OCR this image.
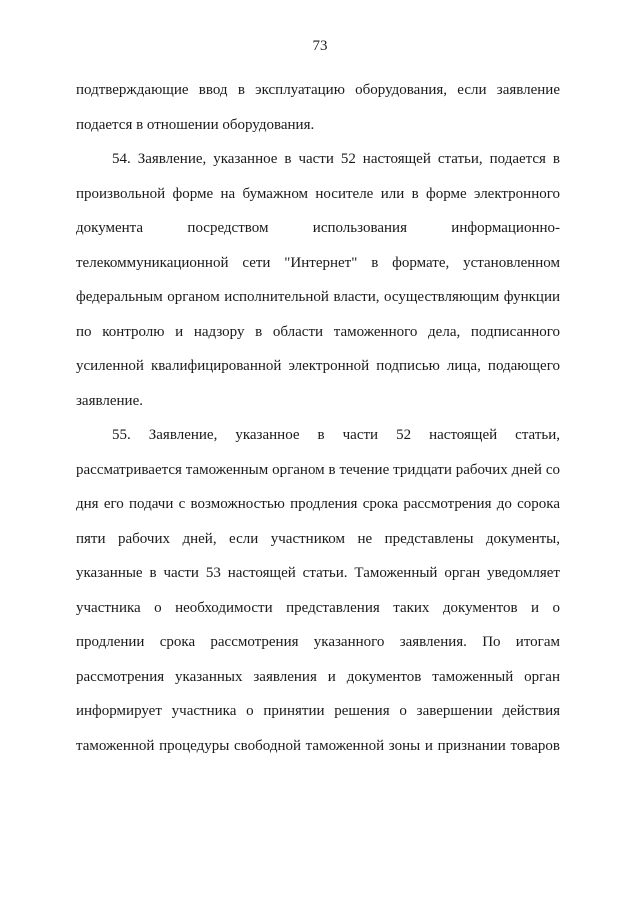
73
подтверждающие ввод в эксплуатацию оборудования, если заявление
подается в отношении оборудования.
54. Заявление, указанное в части 52 настоящей статьи, подается в
произвольной форме на бумажном носителе или в форме электронного
документа посредством использования информационно-
телекоммуникационной сети "Интернет" в формате, установленном
федеральным органом исполнительной власти, осуществляющим функции
по контролю и надзору в области таможенного дела, подписанного
усиленной квалифицированной электронной подписью лица, подающего
заявление.
55. Заявление, указанное в части 52 настоящей статьи,
рассматривается таможенным органом в течение тридцати рабочих дней со
дня его подачи с возможностью продления срока рассмотрения до сорока
пяти рабочих дней, если участником не представлены документы,
указанные в части 53 настоящей статьи. Таможенный орган уведомляет
участника о необходимости представления таких документов и о
продлении срока рассмотрения указанного заявления. По итогам
рассмотрения указанных заявления и документов таможенный орган
информирует участника о принятии решения о завершении действия
таможенной процедуры свободной таможенной зоны и признании товаров
